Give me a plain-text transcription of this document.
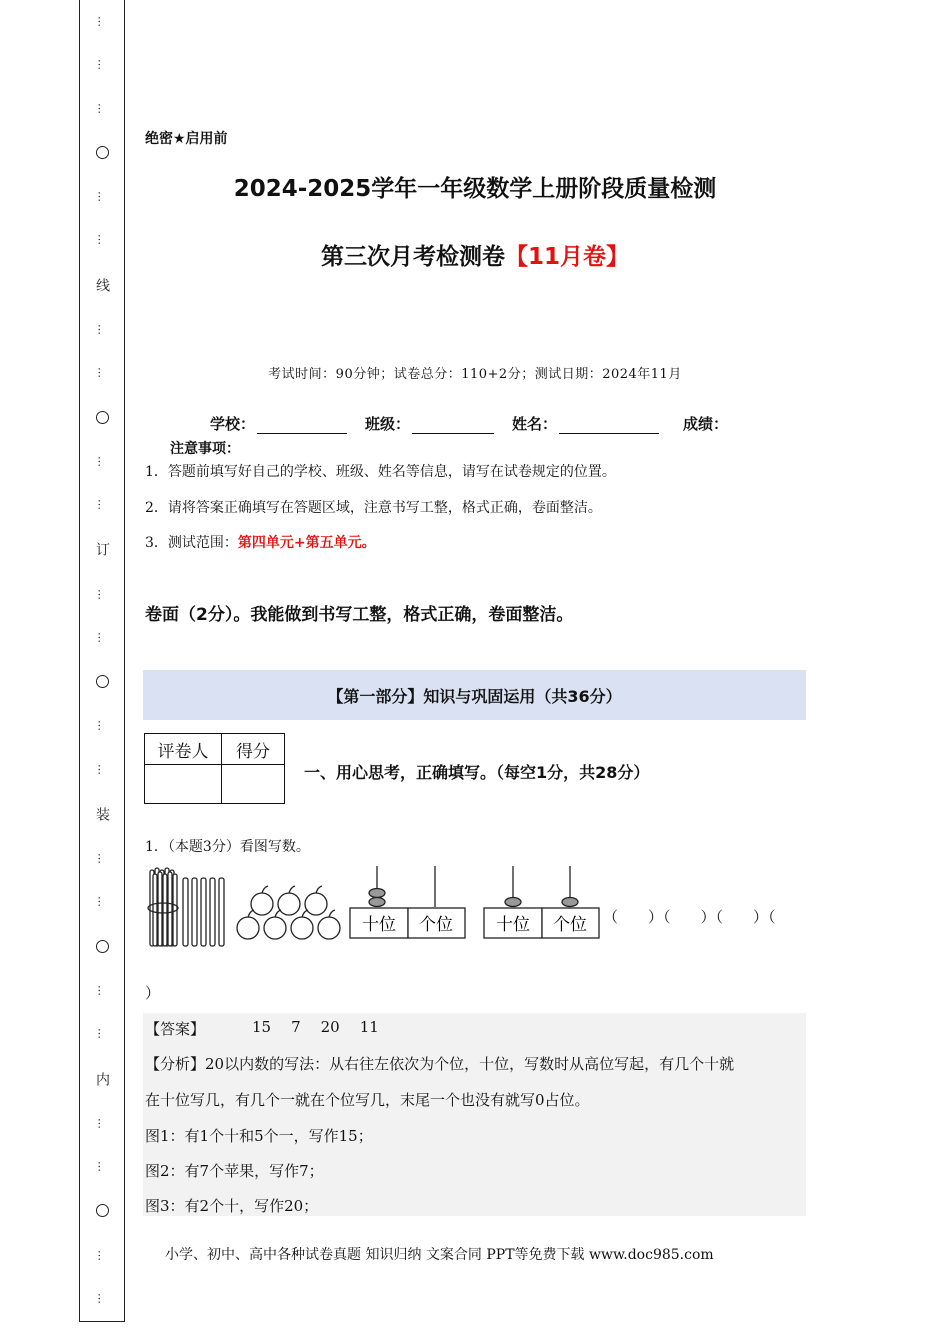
…
…
…
…
…
线
…
…
…
…
订
…
…
…
…
装
…
…
…
…
内
…
…
…
…
绝密★启用前
2024-2025学年一年级数学上册阶段质量检测
第三次月考检测卷【11月卷】
考试时间：90分钟；试卷总分：110+2分；测试日期：2024年11月
学校：	班级：	姓名：	成绩：
注意事项：
1．答题前填写好自己的学校、班级、姓名等信息，请写在试卷规定的位置。
2．请将答案正确填写在答题区域，注意书写工整，格式正确，卷面整洁。
3．测试范围：第四单元+第五单元。
卷面（2分）。我能做到书写工整，格式正确，卷面整洁。
【第一部分】知识与巩固运用（共36分）
评卷人	得分

一、用心思考，正确填写。（每空1分，共28分）
1．（本题3分）看图写数。
十位 个位	十位 个位 （　　）（　　）（　　）（
）
【答案】	15 7 20 11
【分析】20以内数的写法：从右往左依次为个位，十位，写数时从高位写起，有几个十就
在十位写几，有几个一就在个位写几，末尾一个也没有就写0占位。
图1：有1个十和5个一，写作15；
图2：有7个苹果，写作7；
图3：有2个十，写作20；
小学、初中、高中各种试卷真题 知识归纳 文案合同 PPT等免费下载 www.doc985.com
